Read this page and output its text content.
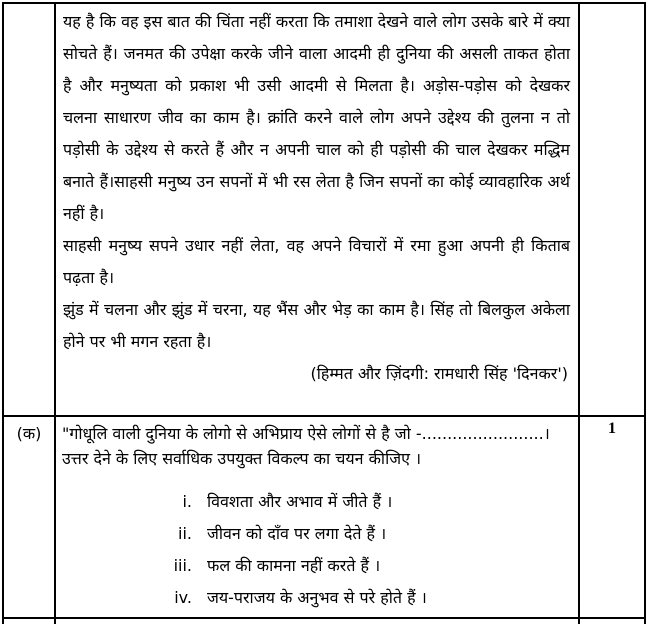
यह है कि वह इस बात की चिंता नहीं करता कि तमाशा देखने वाले लोग उसके बारे में क्या सोचते हैं। जनमत की उपेक्षा करके जीने वाला आदमी ही दुनिया की असली ताकत होता है और मनुष्यता को प्रकाश भी उसी आदमी से मिलता है। अड़ोस-पड़ोस को देखकर चलना साधारण जीव का काम है। क्रांति करने वाले लोग अपने उद्देश्य की तुलना न तो पड़ोसी के उद्देश्य से करते हैं और न अपनी चाल को ही पड़ोसी की चाल देखकर मद्धिम बनाते हैं।साहसी मनुष्य उन सपनों में भी रस लेता है जिन सपनों का कोई व्यावहारिक अर्थ नहीं है।

साहसी मनुष्य सपने उधार नहीं लेता, वह अपने विचारों में रमा हुआ अपनी ही किताब पढ़ता है।

झुंड में चलना और झुंड में चरना, यह भैंस और भेड़ का काम है। सिंह तो बिलकुल अकेला होने पर भी मगन रहता है।

(हिम्मत और ज़िंदगी: रामधारी सिंह 'दिनकर')

(क)	"गोधूलि वाली दुनिया के लोगो से अभिप्राय ऐसे लोगों से है जो -........................।
उत्तर देने के लिए सर्वाधिक उपयुक्त विकल्प का चयन कीजिए ।
i. विवशता और अभाव में जीते हैं ।
ii. जीवन को दाँव पर लगा देते हैं ।
iii. फल की कामना नहीं करते हैं ।
iv. जय-पराजय के अनुभव से परे होते हैं ।
1
